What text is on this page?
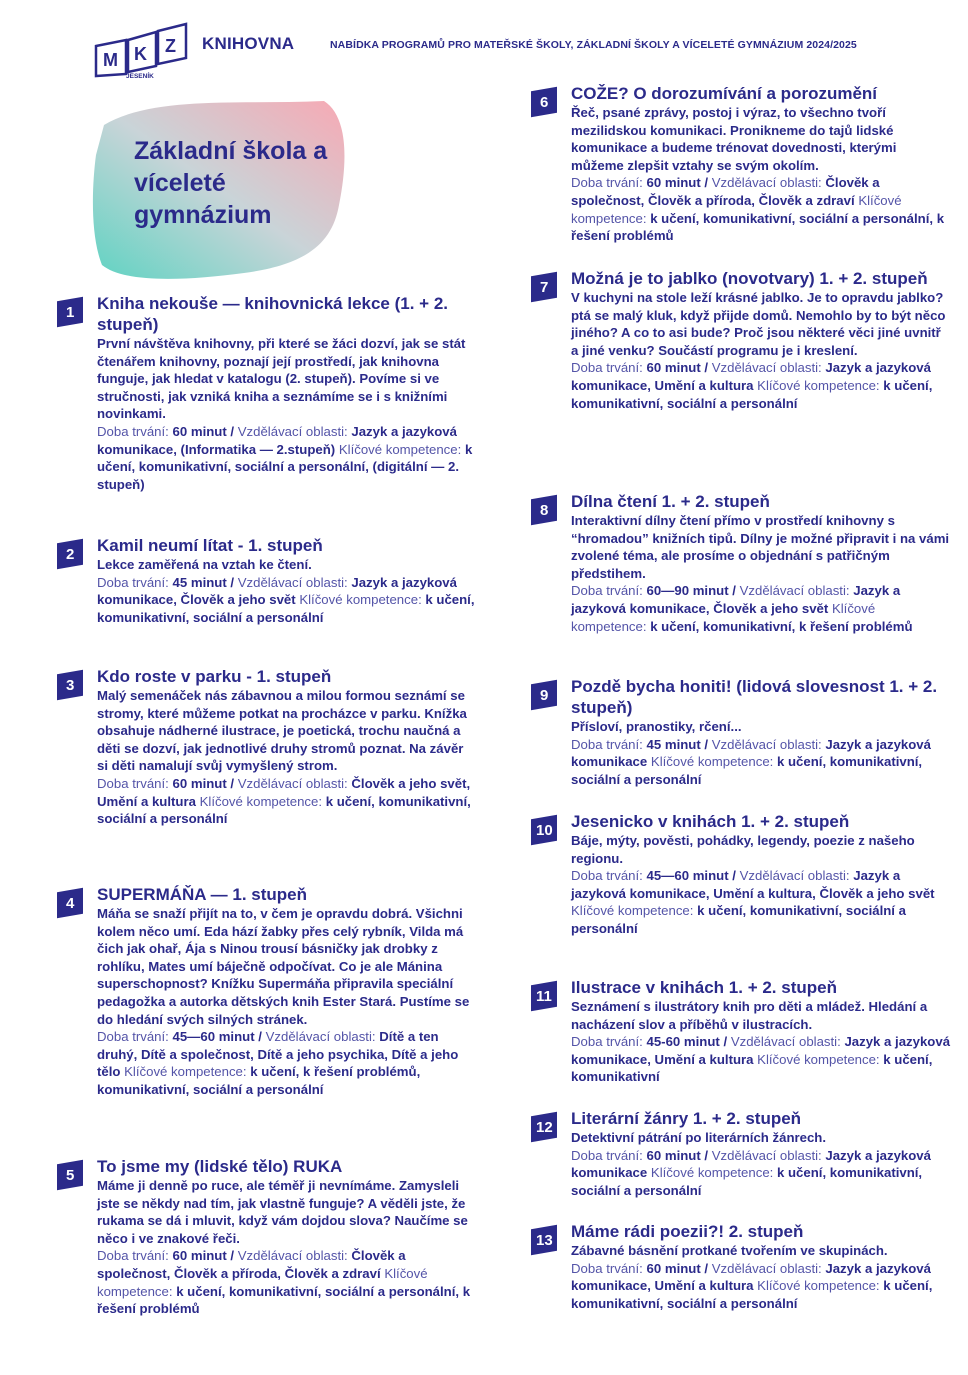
M K Z
JESENÍK
KNIHOVNA	NABÍDKA PROGRAMŮ PRO MATEŘSKÉ ŠKOLY, ZÁKLADNÍ ŠKOLY A VÍCELETÉ GYMNÁZIUM 2024/2025
Základní škola a víceleté gymnázium
1 Kniha nekouše — knihovnická lekce (1. + 2. stupeň)
První návštěva knihovny, při které se žáci dozví, jak se stát čtenářem knihovny, poznají její prostředí, jak knihovna funguje, jak hledat v katalogu (2. stupeň). Povíme si ve stručnosti, jak vzniká kniha a seznámíme se i s knižními novinkami.
Doba trvání: 60 minut / Vzdělávací oblasti: Jazyk a jazyková komunikace, (Informatika — 2.stupeň) Klíčové kompetence: k učení, komunikativní, sociální a personální, (digitální — 2. stupeň)
2 Kamil neumí lítat - 1. stupeň
Lekce zaměřená na vztah ke čtení.
Doba trvání: 45 minut / Vzdělávací oblasti: Jazyk a jazyková komunikace, Člověk a jeho svět Klíčové kompetence: k učení, komunikativní, sociální a personální
3 Kdo roste v parku - 1. stupeň
Malý semenáček nás zábavnou a milou formou seznámí se stromy, které můžeme potkat na procházce v parku. Knížka obsahuje nádherné ilustrace, je poetická, trochu naučná a děti se dozví, jak jednotlivé druhy stromů poznat. Na závěr si děti namalují svůj vymyšlený strom.
Doba trvání: 60 minut / Vzdělávací oblasti: Člověk a jeho svět, Umění a kultura Klíčové kompetence: k učení, komunikativní, sociální a personální
4 SUPERMÁŇA — 1. stupeň
Máňa se snaží přijít na to, v čem je opravdu dobrá. Všichni kolem něco umí. Eda hází žabky přes celý rybník, Vilda má čich jak ohař, Ája s Ninou trousí básničky jak drobky z rohlíku, Mates umí báječně odpočívat. Co je ale Mánina superschopnost? Knížku Supermáňa připravila speciální pedagožka a autorka dětských knih Ester Stará. Pustíme se do hledání svých silných stránek.
Doba trvání: 45—60 minut / Vzdělávací oblasti: Dítě a ten druhý, Dítě a společnost, Dítě a jeho psychika, Dítě a jeho tělo Klíčové kompetence: k učení, k řešení problémů, komunikativní, sociální a personální
5 To jsme my (lidské tělo) RUKA
Máme ji denně po ruce, ale téměř ji nevnímáme. Zamysleli jste se někdy nad tím, jak vlastně funguje? A věděli jste, že rukama se dá i mluvit, když vám dojdou slova? Naučíme se něco i ve znakové řeči.
Doba trvání: 60 minut / Vzdělávací oblasti: Člověk a společnost, Člověk a příroda, Člověk a zdraví Klíčové kompetence: k učení, komunikativní, sociální a personální, k řešení problémů
6 COŽE? O dorozumívání a porozumění
Řeč, psané zprávy, postoj i výraz, to všechno tvoří mezilidskou komunikaci. Pronikneme do tajů lidské komunikace a budeme trénovat dovednosti, kterými můžeme zlepšit vztahy se svým okolím.
Doba trvání: 60 minut / Vzdělávací oblasti: Člověk a společnost, Člověk a příroda, Člověk a zdraví Klíčové kompetence: k učení, komunikativní, sociální a personální, k řešení problémů
7 Možná je to jablko (novotvary) 1. + 2. stupeň
V kuchyni na stole leží krásné jablko. Je to opravdu jablko? ptá se malý kluk, když přijde domů. Nemohlo by to být něco jiného? A co to asi bude? Proč jsou některé věci jiné uvnitř a jiné venku? Součástí programu je i kreslení.
Doba trvání: 60 minut / Vzdělávací oblasti: Jazyk a jazyková komunikace, Umění a kultura Klíčové kompetence: k učení, komunikativní, sociální a personální
8 Dílna čtení 1. + 2. stupeň
Interaktivní dílny čtení přímo v prostředí knihovny s “hromadou” knižních tipů. Dílny je možné připravit i na vámi zvolené téma, ale prosíme o objednání s patřičným předstihem.
Doba trvání: 60—90 minut / Vzdělávací oblasti: Jazyk a jazyková komunikace, Člověk a jeho svět Klíčové kompetence: k učení, komunikativní, k řešení problémů
9 Pozdě bycha honiti! (lidová slovesnost 1. + 2. stupeň)
Přísloví, pranostiky, rčení...
Doba trvání: 45 minut / Vzdělávací oblasti: Jazyk a jazyková komunikace Klíčové kompetence: k učení, komunikativní, sociální a personální
10 Jesenicko v knihách 1. + 2. stupeň
Báje, mýty, pověsti, pohádky, legendy, poezie z našeho regionu.
Doba trvání: 45—60 minut / Vzdělávací oblasti: Jazyk a jazyková komunikace, Umění a kultura, Člověk a jeho svět Klíčové kompetence: k učení, komunikativní, sociální a personální
11 Ilustrace v knihách 1. + 2. stupeň
Seznámení s ilustrátory knih pro děti a mládež. Hledání a nacházení slov a příběhů v ilustracích.
Doba trvání: 45-60 minut / Vzdělávací oblasti: Jazyk a jazyková komunikace, Umění a kultura Klíčové kompetence: k učení, komunikativní
12 Literární žánry 1. + 2. stupeň
Detektivní pátrání po literárních žánrech.
Doba trvání: 60 minut / Vzdělávací oblasti: Jazyk a jazyková komunikace Klíčové kompetence: k učení, komunikativní, sociální a personální
13 Máme rádi poezii?! 2. stupeň
Zábavné básnění protkané tvořením ve skupinách.
Doba trvání: 60 minut / Vzdělávací oblasti: Jazyk a jazyková komunikace, Umění a kultura Klíčové kompetence: k učení, komunikativní, sociální a personální
